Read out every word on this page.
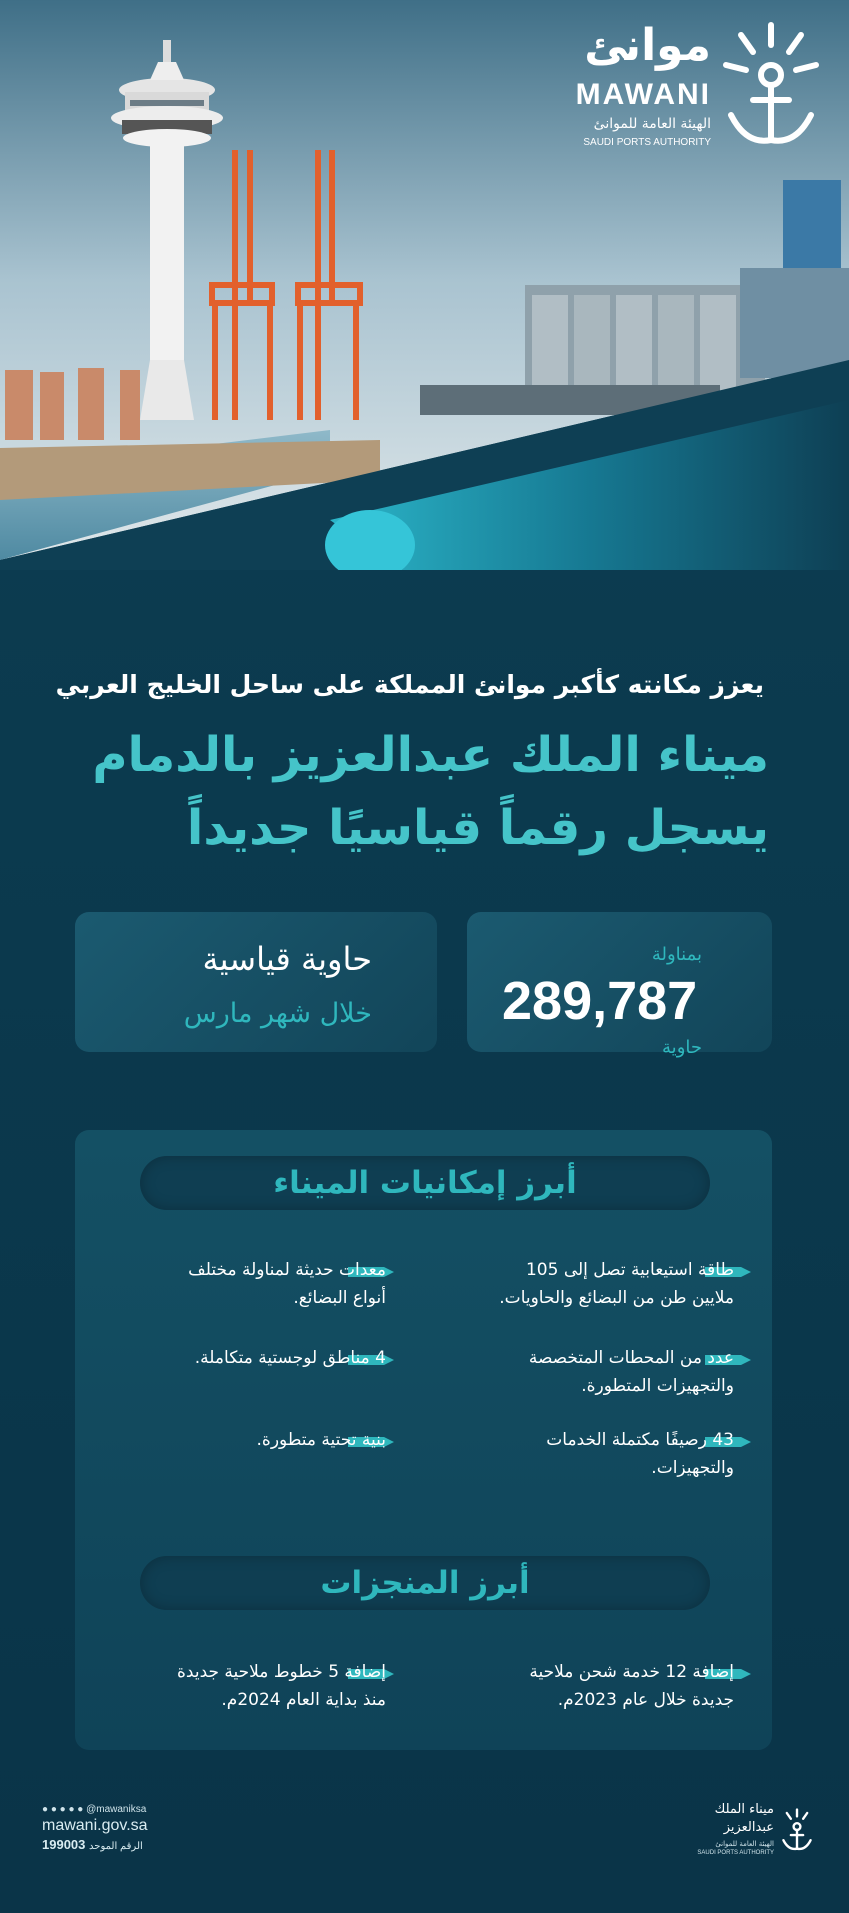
موانئ
MAWANI
الهيئة العامة للموانئ
SAUDI PORTS AUTHORITY
يعزز مكانته كأكبر موانئ المملكة على ساحل الخليج العربي
ميناء الملك عبدالعزيز بالدمام
يسجل رقماً قياسيًا جديداً
حاوية قياسية
خلال شهر مارس
بمناولة
289,787
حاوية
أبرز إمكانيات الميناء
طاقة استيعابية تصل إلى 105
ملايين طن من البضائع والحاويات.
معدات حديثة لمناولة مختلف
أنواع البضائع.
عدد من المحطات المتخصصة
والتجهيزات المتطورة.
4 مناطق لوجستية متكاملة.
43 رصيفًا مكتملة الخدمات
والتجهيزات.
بنية تحتية متطورة.
أبرز المنجزات
إضافة 12 خدمة شحن ملاحية
جديدة خلال عام 2023م.
إضافة 5 خطوط ملاحية جديدة
منذ بداية العام 2024م.
● ● ● ● ● @mawaniksa
mawani.gov.sa
199003 الرقم الموحد
ميناء الملك
عبدالعزيز
الهيئة العامة للموانئ
SAUDI PORTS AUTHORITY
